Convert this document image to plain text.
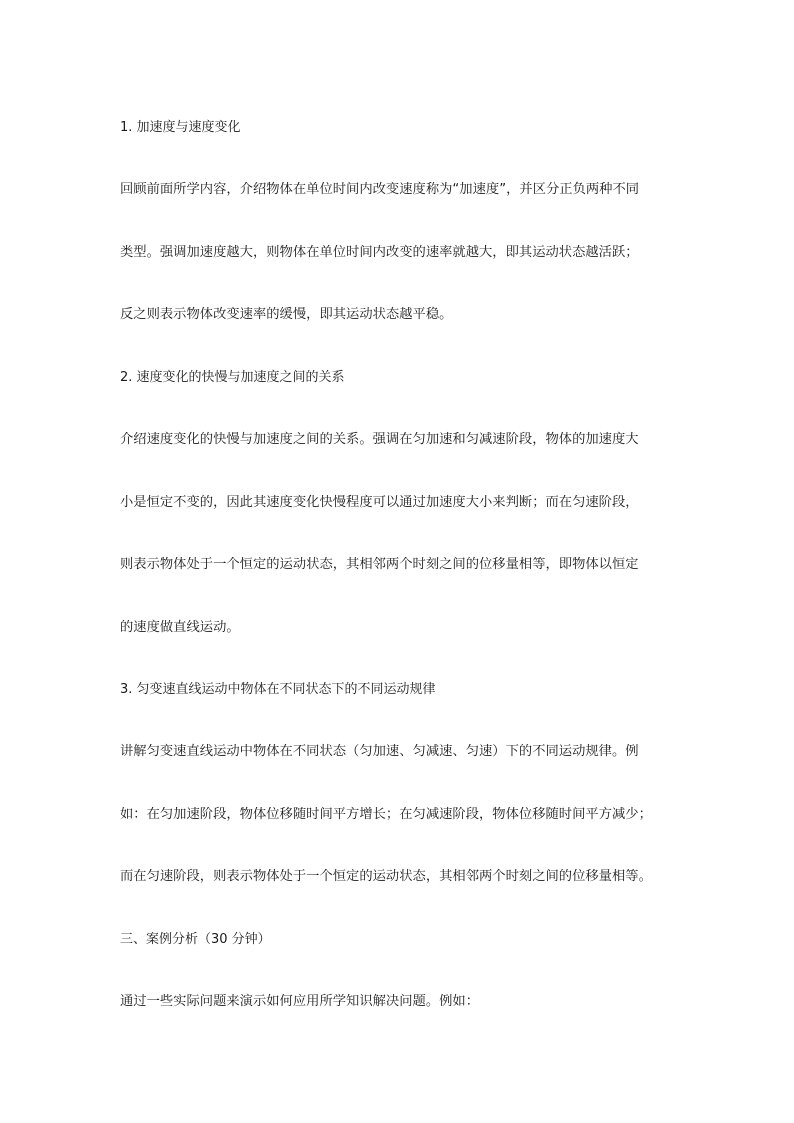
1. 加速度与速度变化
回顾前面所学内容，介绍物体在单位时间内改变速度称为“加速度”，并区分正负两种不同
类型。强调加速度越大，则物体在单位时间内改变的速率就越大，即其运动状态越活跃；
反之则表示物体改变速率的缓慢，即其运动状态越平稳。
2. 速度变化的快慢与加速度之间的关系
介绍速度变化的快慢与加速度之间的关系。强调在匀加速和匀减速阶段，物体的加速度大
小是恒定不变的，因此其速度变化快慢程度可以通过加速度大小来判断；而在匀速阶段，
则表示物体处于一个恒定的运动状态，其相邻两个时刻之间的位移量相等，即物体以恒定
的速度做直线运动。
3. 匀变速直线运动中物体在不同状态下的不同运动规律
讲解匀变速直线运动中物体在不同状态（匀加速、匀减速、匀速）下的不同运动规律。例
如：在匀加速阶段，物体位移随时间平方增长；在匀减速阶段，物体位移随时间平方减少；
而在匀速阶段，则表示物体处于一个恒定的运动状态，其相邻两个时刻之间的位移量相等。
三、案例分析（30 分钟）
通过一些实际问题来演示如何应用所学知识解决问题。例如：
